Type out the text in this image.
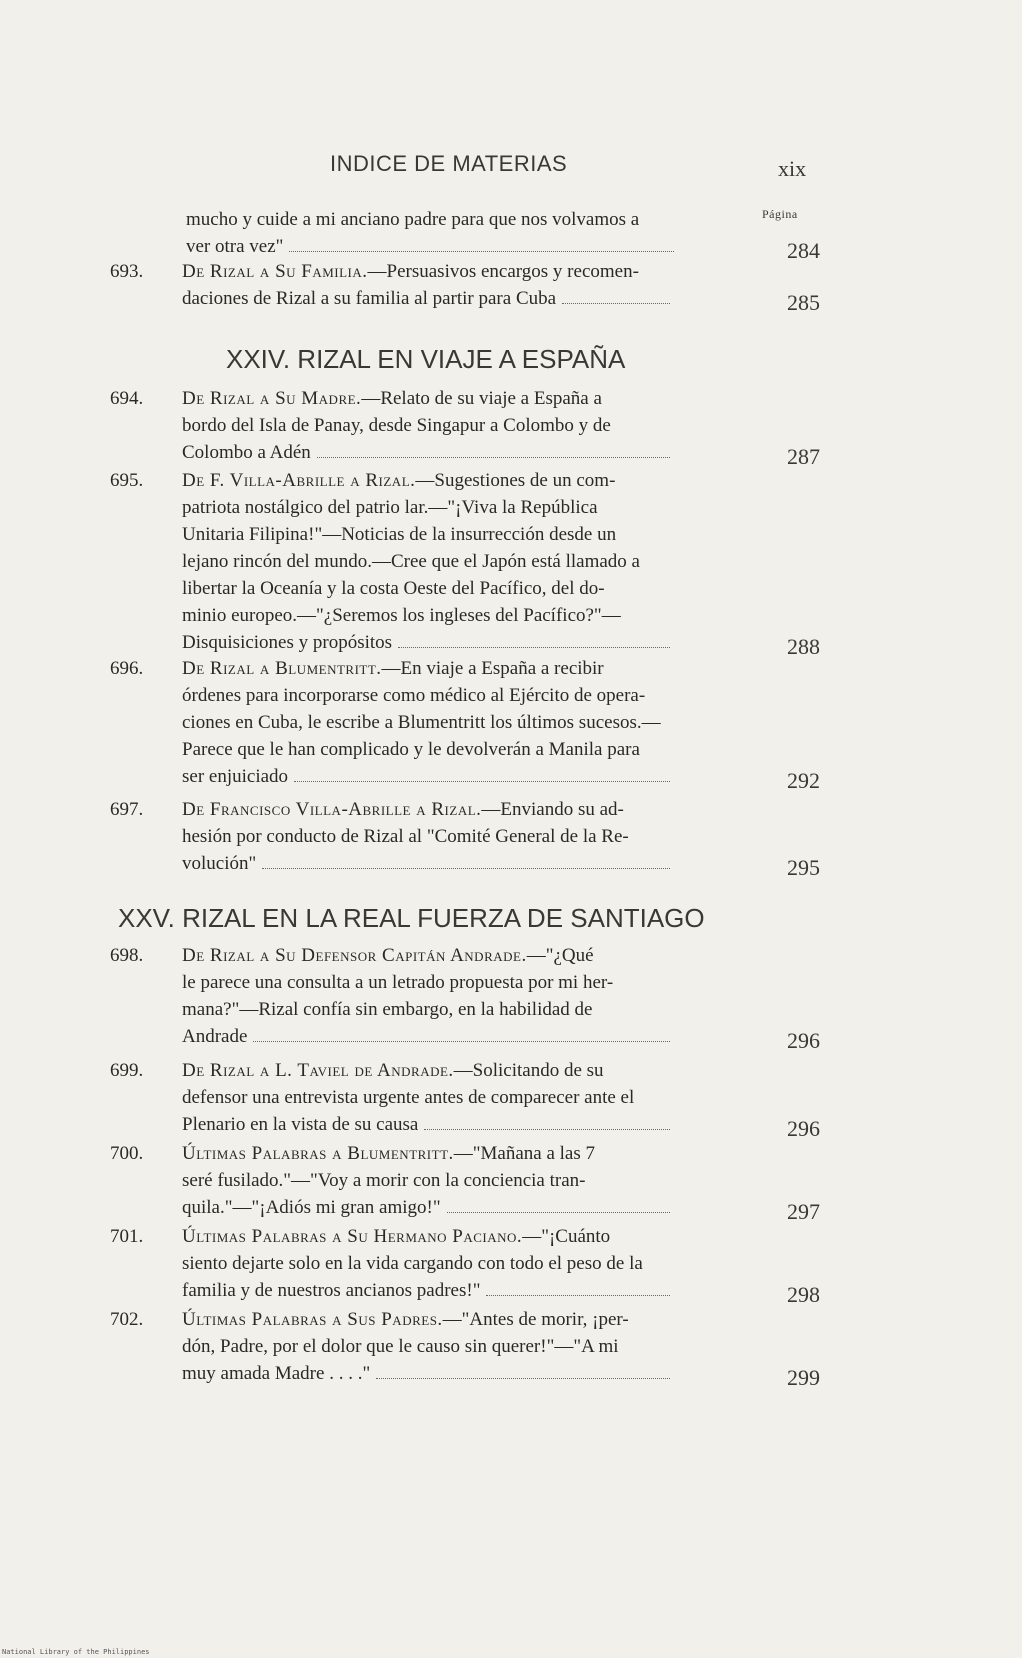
INDICE DE MATERIAS	xix
Página
mucho y cuide a mi anciano padre para que nos volvamos a
ver otra vez"	284
693. De Rizal a Su Familia.—Persuasivos encargos y recomen-
daciones de Rizal a su familia al partir para Cuba	285
XXIV. RIZAL EN VIAJE A ESPAÑA
694. De Rizal a Su Madre.—Relato de su viaje a España a
bordo del Isla de Panay, desde Singapur a Colombo y de
Colombo a Adén	287
695. De F. Villa-Abrille a Rizal.—Sugestiones de un com-
patriota nostálgico del patrio lar.—"¡Viva la República
Unitaria Filipina!"—Noticias de la insurrección desde un
lejano rincón del mundo.—Cree que el Japón está llamado a
libertar la Oceanía y la costa Oeste del Pacífico, del do-
minio europeo.—"¿Seremos los ingleses del Pacífico?"—
Disquisiciones y propósitos	288
696. De Rizal a Blumentritt.—En viaje a España a recibir
órdenes para incorporarse como médico al Ejército de opera-
ciones en Cuba, le escribe a Blumentritt los últimos sucesos.—
Parece que le han complicado y le devolverán a Manila para
ser enjuiciado	292
697. De Francisco Villa-Abrille a Rizal.—Enviando su ad-
hesión por conducto de Rizal al "Comité General de la Re-
volución"	295
XXV. RIZAL EN LA REAL FUERZA DE SANTIAGO
698. De Rizal a Su Defensor Capitán Andrade.—"¿Qué
le parece una consulta a un letrado propuesta por mi her-
mana?"—Rizal confía sin embargo, en la habilidad de
Andrade	296
699. De Rizal a L. Taviel de Andrade.—Solicitando de su
defensor una entrevista urgente antes de comparecer ante el
Plenario en la vista de su causa	296
700. Últimas Palabras a Blumentritt.—"Mañana a las 7
seré fusilado."—"Voy a morir con la conciencia tran-
quila."—"¡Adiós mi gran amigo!"	297
701. Últimas Palabras a Su Hermano Paciano.—"¡Cuánto
siento dejarte solo en la vida cargando con todo el peso de la
familia y de nuestros ancianos padres!"	298
702. Últimas Palabras a Sus Padres.—"Antes de morir, ¡per-
dón, Padre, por el dolor que le causo sin querer!"—"A mi
muy amada Madre . . . ."	299
National Library of the Philippines
